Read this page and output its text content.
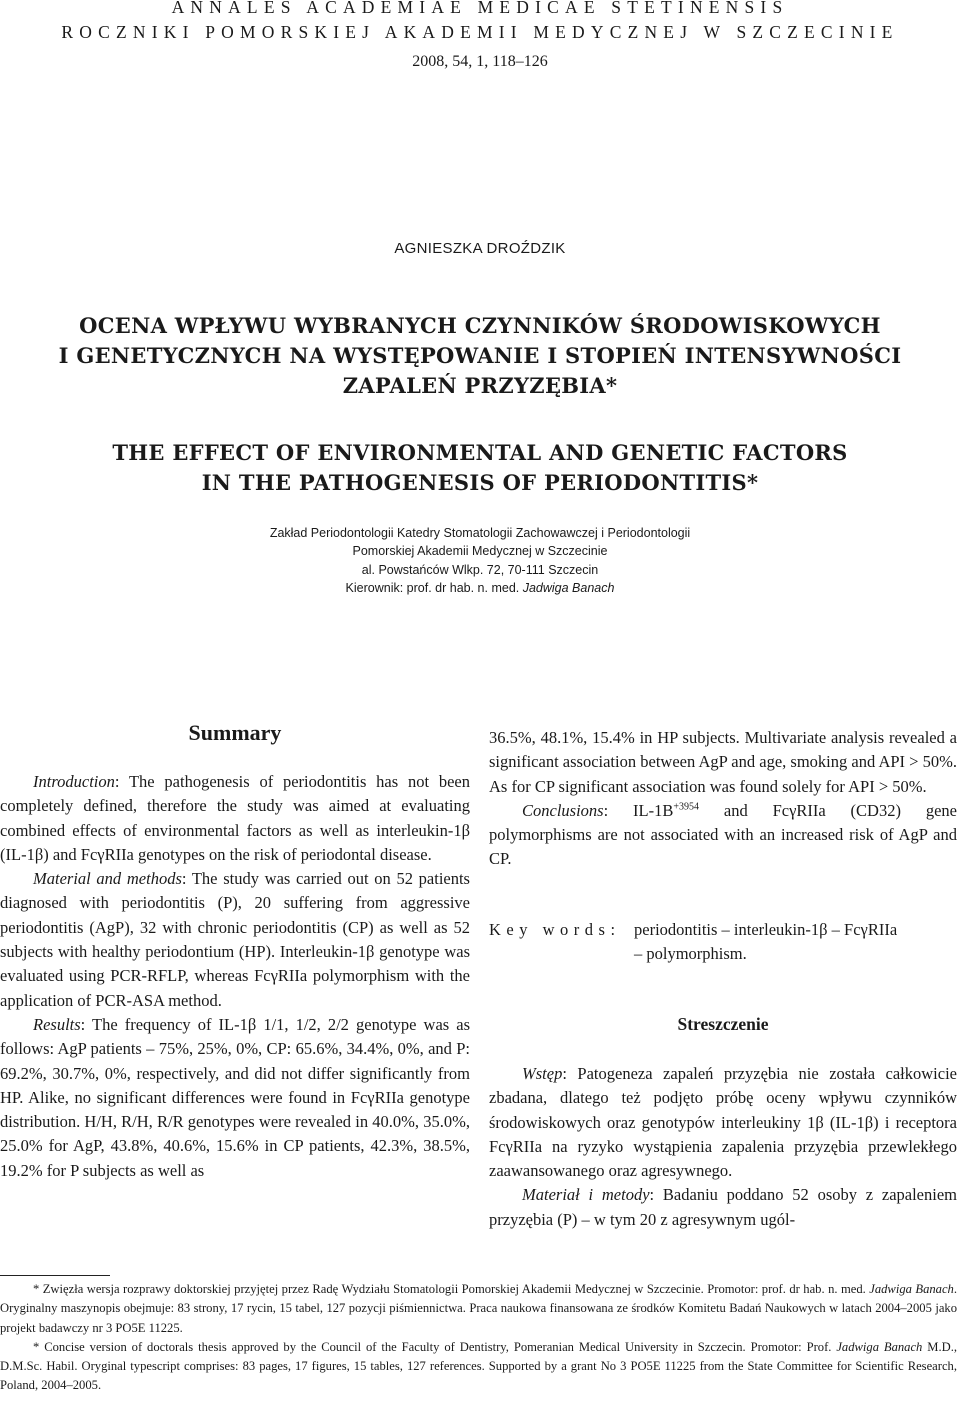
ANNALES ACADEMIAE MEDICAE STETINENSIS
ROCZNIKI POMORSKIEJ AKADEMII MEDYCZNEJ W SZCZECINIE
2008, 54, 1, 118–126
AGNIESZKA DROŹDZIK
OCENA WPŁYWU WYBRANYCH CZYNNIKÓW ŚRODOWISKOWYCH
I GENETYCZNYCH NA WYSTĘPOWANIE I STOPIEŃ INTENSYWNOŚCI
ZAPALEŃ PRZYZĘBIA*
THE EFFECT OF ENVIRONMENTAL AND GENETIC FACTORS
IN THE PATHOGENESIS OF PERIODONTITIS*
Zakład Periodontologii Katedry Stomatologii Zachowawczej i Periodontologii
Pomorskiej Akademii Medycznej w Szczecinie
al. Powstańców Wlkp. 72, 70-111 Szczecin
Kierownik: prof. dr hab. n. med. Jadwiga Banach
Summary

Introduction: The pathogenesis of periodontitis has not been completely defined, therefore the study was aimed at evaluating combined effects of environmental factors as well as interleukin-1β (IL-1β) and FcγRIIa genotypes on the risk of periodontal disease.

Material and methods: The study was carried out on 52 patients diagnosed with periodontitis (P), 20 suffering from aggressive periodontitis (AgP), 32 with chronic periodontitis (CP) as well as 52 subjects with healthy periodontium (HP). Interleukin-1β genotype was evaluated using PCR-RFLP, whereas FcγRIIa polymorphism with the application of PCR-ASA method.

Results: The frequency of IL-1β 1/1, 1/2, 2/2 genotype was as follows: AgP patients – 75%, 25%, 0%, CP: 65.6%, 34.4%, 0%, and P: 69.2%, 30.7%, 0%, respectively, and did not differ significantly from HP. Alike, no significant differences were found in FcγRIIa genotype distribution. H/H, R/H, R/R genotypes were revealed in 40.0%, 35.0%, 25.0% for AgP, 43.8%, 40.6%, 15.6% in CP patients, 42.3%, 38.5%, 19.2% for P subjects as well as

36.5%, 48.1%, 15.4% in HP subjects. Multivariate analysis revealed a significant association between AgP and age, smoking and API > 50%. As for CP significant association was found solely for API > 50%.

Conclusions: $IL-1B^{+3954}$ and FcγRIIa (CD32) gene polymorphisms are not associated with an increased risk of AgP and CP.

Key words: periodontitis – interleukin-1β – FcγRIIa
– polymorphism.
Streszczenie

Wstęp: Patogeneza zapaleń przyzębia nie została całkowicie zbadana, dlatego też podjęto próbę oceny wpływu czynników środowiskowych oraz genotypów interleukiny 1β (IL-1β) i receptora FcγRIIa na ryzyko wystąpienia zapalenia przyzębia przewlekłego zaawansowanego oraz agresywnego.

Materiał i metody: Badaniu poddano 52 osoby z zapaleniem przyzębia (P) – w tym 20 z agresywnym ugól-

* Zwięzła wersja rozprawy doktorskiej przyjętej przez Radę Wydziału Stomatologii Pomorskiej Akademii Medycznej w Szczecinie. Promotor: prof. dr hab. n. med. Jadwiga Banach. Oryginalny maszynopis obejmuje: 83 strony, 17 rycin, 15 tabel, 127 pozycji piśmiennictwa. Praca naukowa finansowana ze środków Komitetu Badań Naukowych w latach 2004–2005 jako projekt badawczy nr 3 PO5E 11225.

* Concise version of doctorals thesis approved by the Council of the Faculty of Dentistry, Pomeranian Medical University in Szczecin. Promotor: Prof. Jadwiga Banach M.D., D.M.Sc. Habil. Oryginal typescript comprises: 83 pages, 17 figures, 15 tables, 127 references. Supported by a grant No 3 PO5E 11225 from the State Committee for Scientific Research, Poland, 2004–2005.
